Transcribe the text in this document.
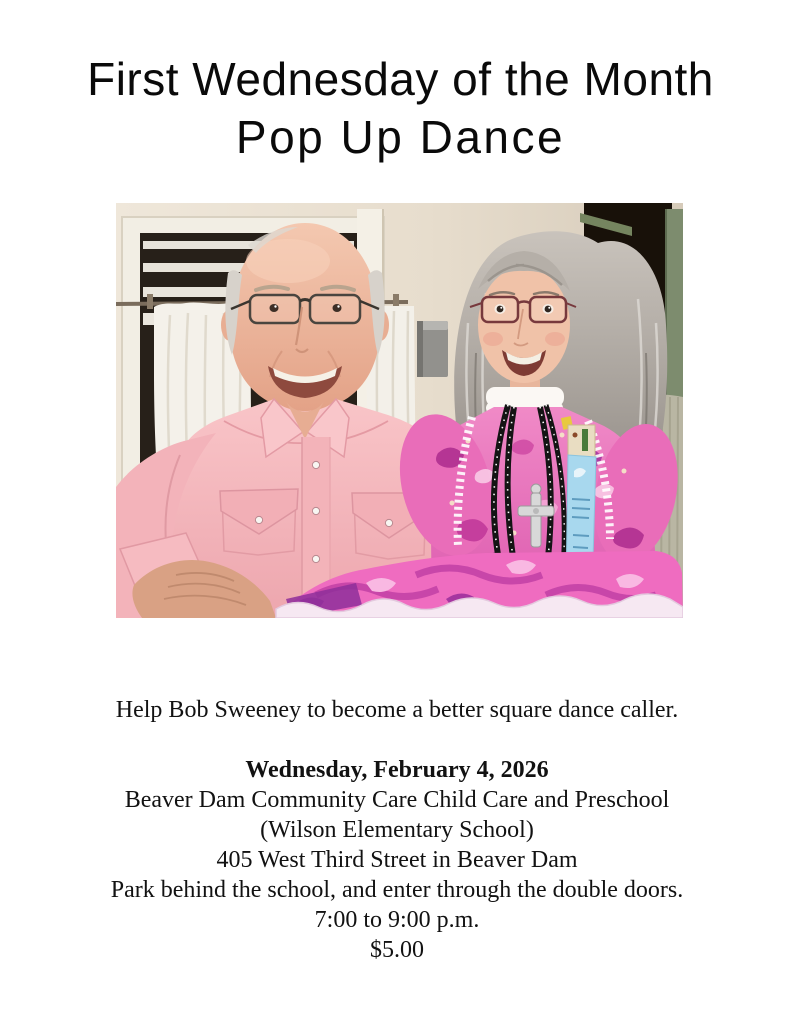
First Wednesday of the Month
Pop Up Dance
Help Bob Sweeney to become a better square dance caller.
Wednesday, February 4, 2026
Beaver Dam Community Care Child Care and Preschool
(Wilson Elementary School)
405 West Third Street in Beaver Dam
Park behind the school, and enter through the double doors.
7:00 to 9:00 p.m.
$5.00
